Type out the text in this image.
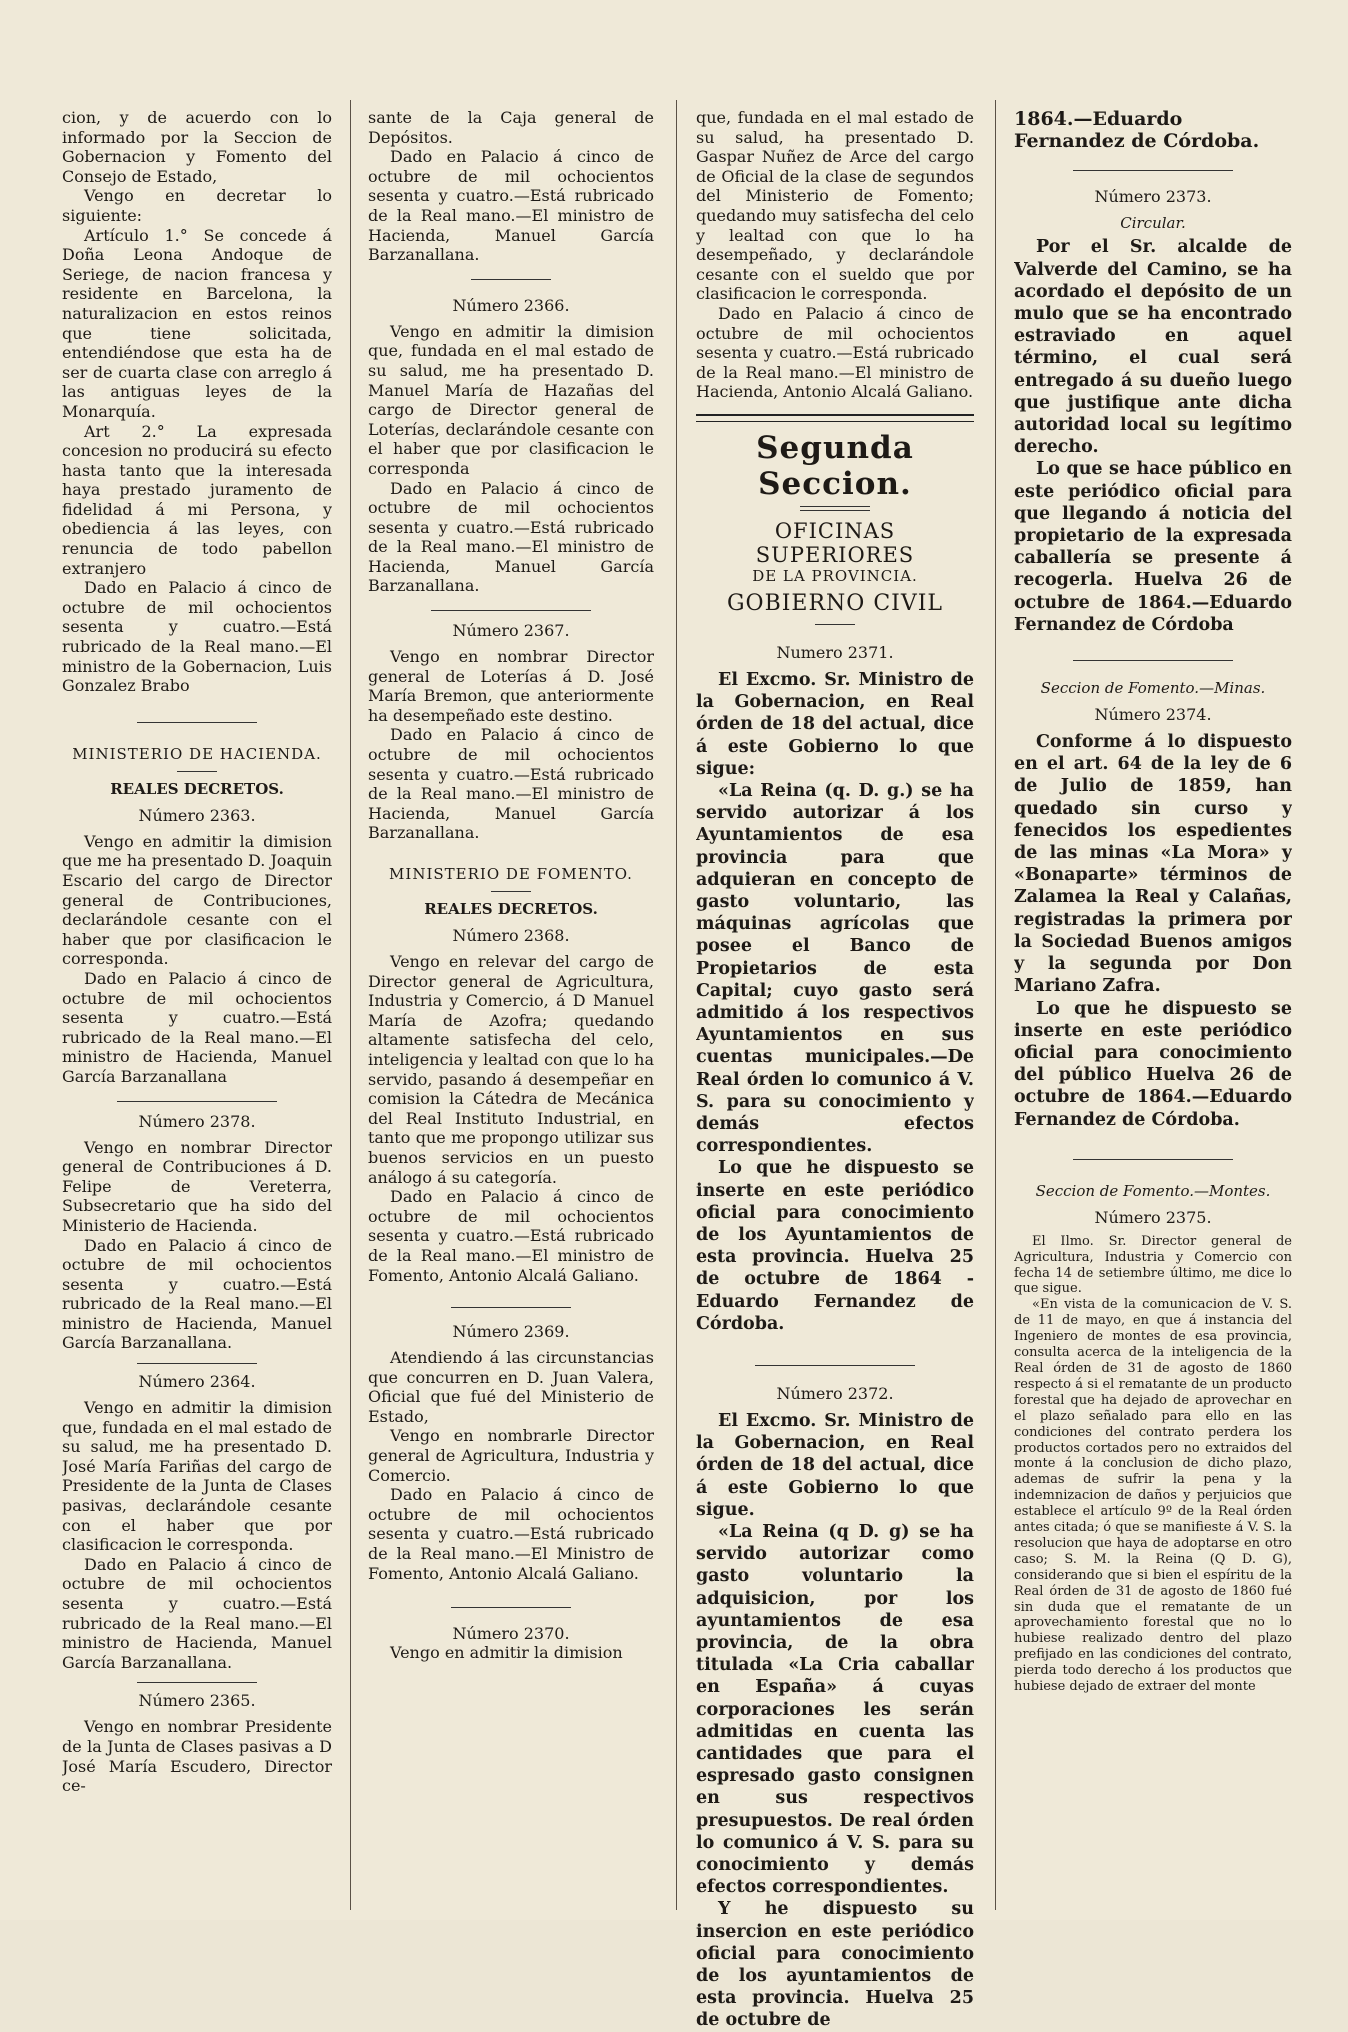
cion, y de acuerdo con lo informado por la Seccion de Gobernacion y Fomento del Consejo de Estado,

Vengo en decretar lo siguiente:

Artículo 1.° Se concede á Doña Leona Andoque de Seriege, de nacion francesa y residente en Barcelona, la naturalizacion en estos reinos que tiene solicitada, entendiéndose que esta ha de ser de cuarta clase con arreglo á las antiguas leyes de la Monarquía.

Art 2.° La expresada concesion no producirá su efecto hasta tanto que la interesada haya prestado juramento de fidelidad á mi Persona, y obediencia á las leyes, con renuncia de todo pabellon extranjero

Dado en Palacio á cinco de octubre de mil ochocientos sesenta y cuatro.—Está rubricado de la Real mano.—El ministro de la Gobernacion, Luis Gonzalez Brabo

MINISTERIO DE HACIENDA.
REALES DECRETOS.
Número 2363.

Vengo en admitir la dimision que me ha presentado D. Joaquin Escario del cargo de Director general de Contribuciones, declarándole cesante con el haber que por clasificacion le corresponda.

Dado en Palacio á cinco de octubre de mil ochocientos sesenta y cuatro.—Está rubricado de la Real mano.—El ministro de Hacienda, Manuel García Barzanallana

Número 2378.

Vengo en nombrar Director general de Contribuciones á D. Felipe de Vereterra, Subsecretario que ha sido del Ministerio de Hacienda.

Dado en Palacio á cinco de octubre de mil ochocientos sesenta y cuatro.—Está rubricado de la Real mano.—El ministro de Hacienda, Manuel García Barzanallana.

Número 2364.

Vengo en admitir la dimision que, fundada en el mal estado de su salud, me ha presentado D. José María Fariñas del cargo de Presidente de la Junta de Clases pasivas, declarándole cesante con el haber que por clasificacion le corresponda.

Dado en Palacio á cinco de octubre de mil ochocientos sesenta y cuatro.—Está rubricado de la Real mano.—El ministro de Hacienda, Manuel García Barzanallana.

Número 2365.

Vengo en nombrar Presidente de la Junta de Clases pasivas a D José María Escudero, Director ce-

sante de la Caja general de Depósitos.

Dado en Palacio á cinco de octubre de mil ochocientos sesenta y cuatro.—Está rubricado de la Real mano.—El ministro de Hacienda, Manuel García Barzanallana.

Número 2366.

Vengo en admitir la dimision que, fundada en el mal estado de su salud, me ha presentado D. Manuel María de Hazañas del cargo de Director general de Loterías, declarándole cesante con el haber que por clasificacion le corresponda

Dado en Palacio á cinco de octubre de mil ochocientos sesenta y cuatro.—Está rubricado de la Real mano.—El ministro de Hacienda, Manuel García Barzanallana.

Número 2367.

Vengo en nombrar Director general de Loterías á D. José María Bremon, que anteriormente ha desempeñado este destino.

Dado en Palacio á cinco de octubre de mil ochocientos sesenta y cuatro.—Está rubricado de la Real mano.—El ministro de Hacienda, Manuel García Barzanallana.

MINISTERIO DE FOMENTO.
REALES DECRETOS.
Número 2368.

Vengo en relevar del cargo de Director general de Agricultura, Industria y Comercio, á D Manuel María de Azofra; quedando altamente satisfecha del celo, inteligencia y lealtad con que lo ha servido, pasando á desempeñar en comision la Cátedra de Mecánica del Real Instituto Industrial, en tanto que me propongo utilizar sus buenos servicios en un puesto análogo á su categoría.

Dado en Palacio á cinco de octubre de mil ochocientos sesenta y cuatro.—Está rubricado de la Real mano.—El ministro de Fomento, Antonio Alcalá Galiano.

Número 2369.

Atendiendo á las circunstancias que concurren en D. Juan Valera, Oficial que fué del Ministerio de Estado,

Vengo en nombrarle Director general de Agricultura, Industria y Comercio.

Dado en Palacio á cinco de octubre de mil ochocientos sesenta y cuatro.—Está rubricado de la Real mano.—El Ministro de Fomento, Antonio Alcalá Galiano.

Número 2370.

Vengo en admitir la dimision

que, fundada en el mal estado de su salud, ha presentado D. Gaspar Nuñez de Arce del cargo de Oficial de la clase de segundos del Ministerio de Fomento; quedando muy satisfecha del celo y lealtad con que lo ha desempeñado, y declarándole cesante con el sueldo que por clasificacion le corresponda.

Dado en Palacio á cinco de octubre de mil ochocientos sesenta y cuatro.—Está rubricado de la Real mano.—El ministro de Hacienda, Antonio Alcalá Galiano.

Segunda Seccion.
OFICINAS SUPERIORES
DE LA PROVINCIA.
GOBIERNO CIVIL
Numero 2371.

El Excmo. Sr. Ministro de la Gobernacion, en Real órden de 18 del actual, dice á este Gobierno lo que sigue:

«La Reina (q. D. g.) se ha servido autorizar á los Ayuntamientos de esa provincia para que adquieran en concepto de gasto voluntario, las máquinas agrícolas que posee el Banco de Propietarios de esta Capital; cuyo gasto será admitido á los respectivos Ayuntamientos en sus cuentas municipales.—De Real órden lo comunico á V. S. para su conocimiento y demás efectos correspondientes.

Lo que he dispuesto se inserte en este periódico oficial para conocimiento de los Ayuntamientos de esta provincia. Huelva 25 de octubre de 1864 -Eduardo Fernandez de Córdoba.

Número 2372.

El Excmo. Sr. Ministro de la Gobernacion, en Real órden de 18 del actual, dice á este Gobierno lo que sigue.

«La Reina (q D. g) se ha servido autorizar como gasto voluntario la adquisicion, por los ayuntamientos de esa provincia, de la obra titulada «La Cria caballar en España» á cuyas corporaciones les serán admitidas en cuenta las cantidades que para el espresado gasto consignen en sus respectivos presupuestos. De real órden lo comunico á V. S. para su conocimiento y demás efectos correspondientes.

Y he dispuesto su insercion en este periódico oficial para conocimiento de los ayuntamientos de esta provincia. Huelva 25 de octubre de

1864.—Eduardo Fernandez de Córdoba.

Número 2373.
Circular.

Por el Sr. alcalde de Valverde del Camino, se ha acordado el depósito de un mulo que se ha encontrado estraviado en aquel término, el cual será entregado á su dueño luego que justifique ante dicha autoridad local su legítimo derecho.

Lo que se hace público en este periódico oficial para que llegando á noticia del propietario de la expresada caballería se presente á recogerla. Huelva 26 de octubre de 1864.—Eduardo Fernandez de Córdoba

Seccion de Fomento.—Minas.
Número 2374.

Conforme á lo dispuesto en el art. 64 de la ley de 6 de Julio de 1859, han quedado sin curso y fenecidos los espedientes de las minas «La Mora» y «Bonaparte» términos de Zalamea la Real y Calañas, registradas la primera por la Sociedad Buenos amigos y la segunda por Don Mariano Zafra.

Lo que he dispuesto se inserte en este periódico oficial para conocimiento del público Huelva 26 de octubre de 1864.—Eduardo Fernandez de Córdoba.

Seccion de Fomento.—Montes.
Número 2375.

El Ilmo. Sr. Director general de Agricultura, Industria y Comercio con fecha 14 de setiembre último, me dice lo que sigue.

«En vista de la comunicacion de V. S. de 11 de mayo, en que á instancia del Ingeniero de montes de esa provincia, consulta acerca de la inteligencia de la Real órden de 31 de agosto de 1860 respecto á si el rematante de un producto forestal que ha dejado de aprovechar en el plazo señalado para ello en las condiciones del contrato perdera los productos cortados pero no extraidos del monte á la conclusion de dicho plazo, ademas de sufrir la pena y la indemnizacion de daños y perjuicios que establece el artículo 9º de la Real órden antes citada; ó que se manifieste á V. S. la resolucion que haya de adoptarse en otro caso; S. M. la Reina (Q D. G), considerando que si bien el espíritu de la Real órden de 31 de agosto de 1860 fué sin duda que el rematante de un aprovechamiento forestal que no lo hubiese realizado dentro del plazo prefijado en las condiciones del contrato, pierda todo derecho á los productos que hubiese dejado de extraer del monte
